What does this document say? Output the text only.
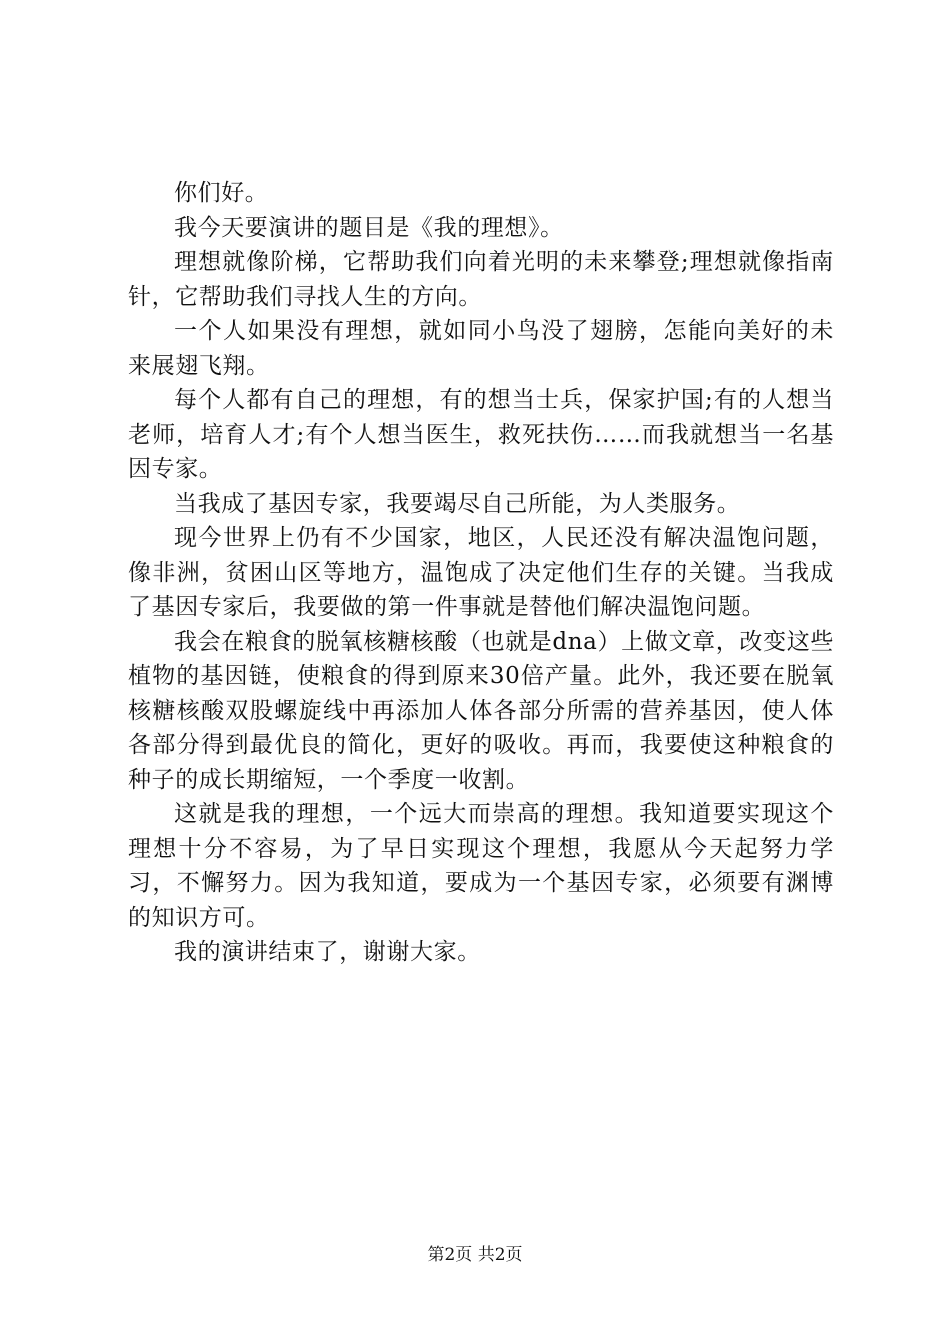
你们好。

我今天要演讲的题目是《我的理想》。

理想就像阶梯，它帮助我们向着光明的未来攀登;理想就像指南针，它帮助我们寻找人生的方向。

一个人如果没有理想，就如同小鸟没了翅膀，怎能向美好的未来展翅飞翔。

每个人都有自己的理想，有的想当士兵，保家护国;有的人想当老师，培育人才;有个人想当医生，救死扶伤……而我就想当一名基因专家。

当我成了基因专家，我要竭尽自己所能，为人类服务。

现今世界上仍有不少国家，地区，人民还没有解决温饱问题，像非洲，贫困山区等地方，温饱成了决定他们生存的关键。当我成了基因专家后，我要做的第一件事就是替他们解决温饱问题。

我会在粮食的脱氧核糖核酸（也就是dna）上做文章，改变这些植物的基因链，使粮食的得到原来30倍产量。此外，我还要在脱氧核糖核酸双股螺旋线中再添加人体各部分所需的营养基因，使人体各部分得到最优良的简化，更好的吸收。再而，我要使这种粮食的种子的成长期缩短，一个季度一收割。

这就是我的理想，一个远大而崇高的理想。我知道要实现这个理想十分不容易，为了早日实现这个理想，我愿从今天起努力学习，不懈努力。因为我知道，要成为一个基因专家，必须要有渊博的知识方可。

我的演讲结束了，谢谢大家。

第2页 共2页
